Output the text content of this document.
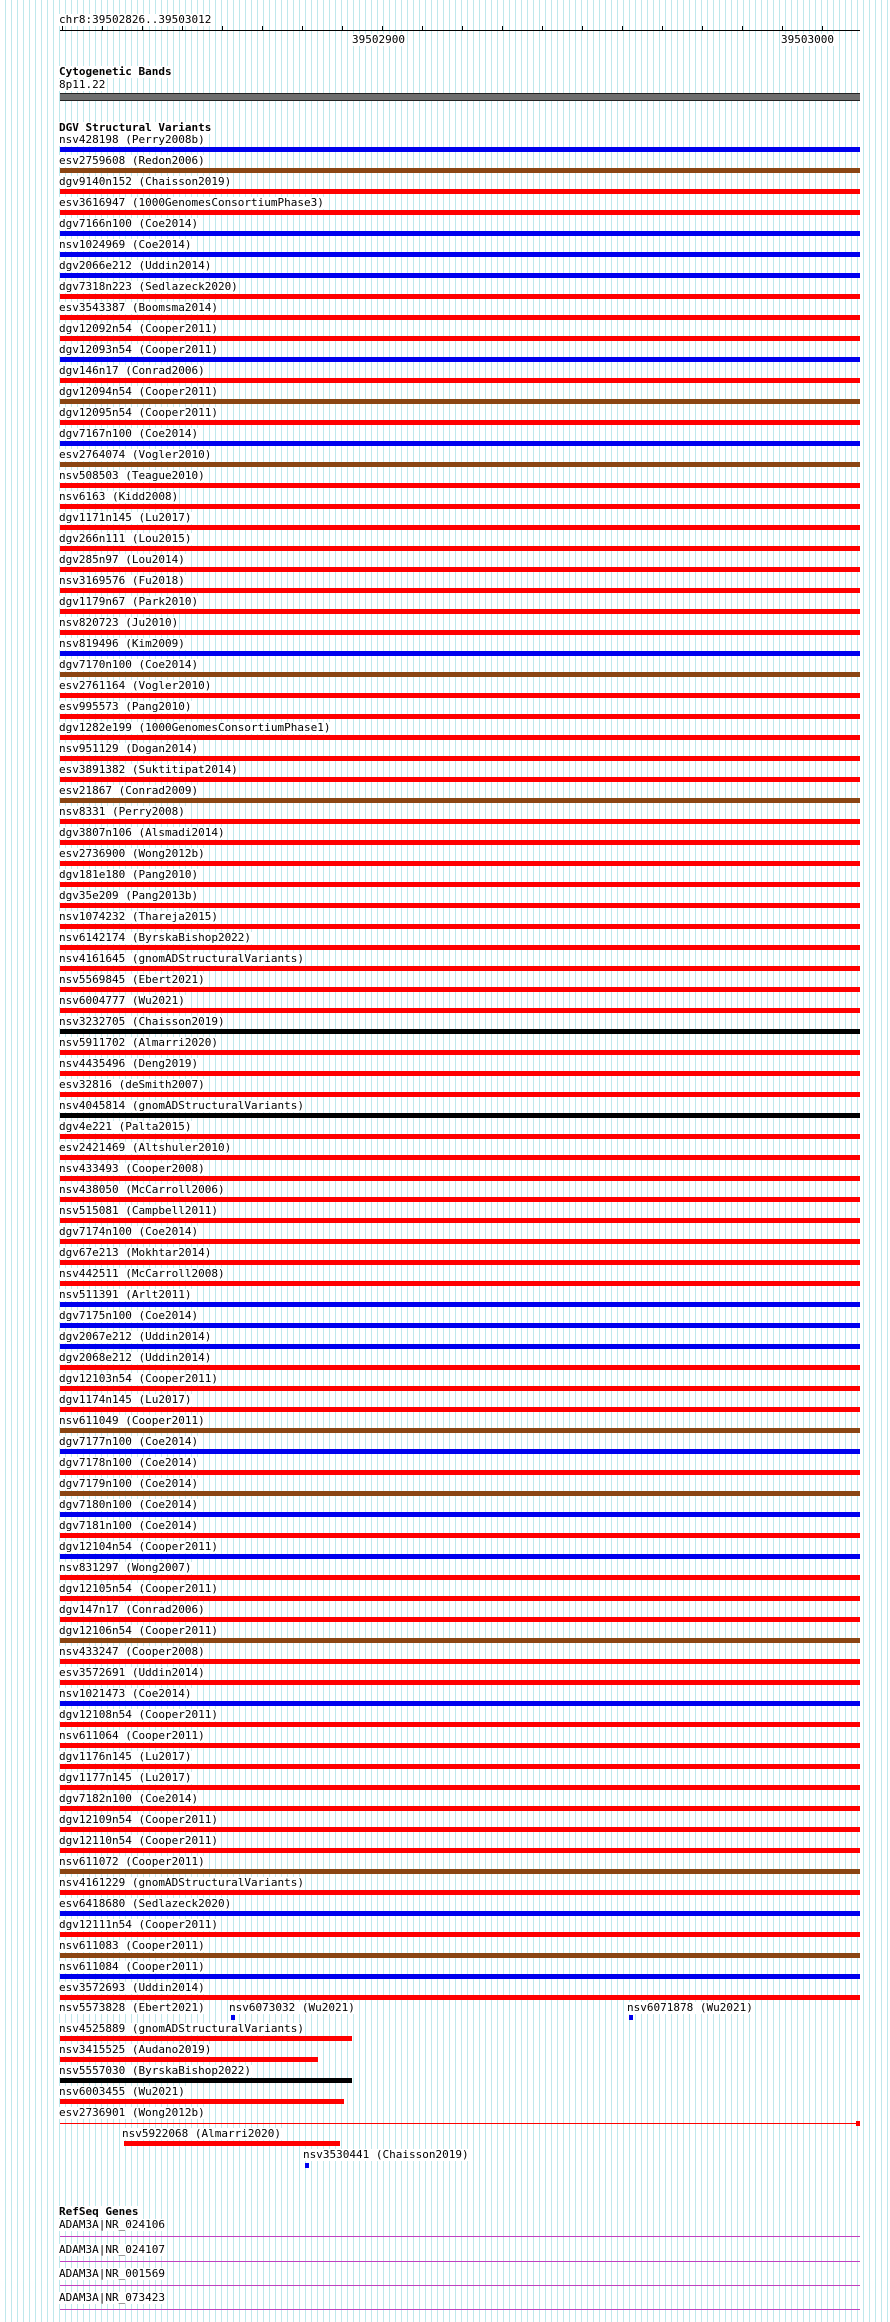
chr8:39502826..39503012
39502900	39503000
Cytogenetic Bands
8p11.22
DGV Structural Variants
nsv428198 (Perry2008b)
esv2759608 (Redon2006)
dgv9140n152 (Chaisson2019)
esv3616947 (1000GenomesConsortiumPhase3)
dgv7166n100 (Coe2014)
nsv1024969 (Coe2014)
dgv2066e212 (Uddin2014)
dgv7318n223 (Sedlazeck2020)
esv3543387 (Boomsma2014)
dgv12092n54 (Cooper2011)
dgv12093n54 (Cooper2011)
dgv146n17 (Conrad2006)
dgv12094n54 (Cooper2011)
dgv12095n54 (Cooper2011)
dgv7167n100 (Coe2014)
esv2764074 (Vogler2010)
nsv508503 (Teague2010)
nsv6163 (Kidd2008)
dgv1171n145 (Lu2017)
dgv266n111 (Lou2015)
dgv285n97 (Lou2014)
nsv3169576 (Fu2018)
dgv1179n67 (Park2010)
nsv820723 (Ju2010)
nsv819496 (Kim2009)
dgv7170n100 (Coe2014)
esv2761164 (Vogler2010)
esv995573 (Pang2010)
dgv1282e199 (1000GenomesConsortiumPhase1)
nsv951129 (Dogan2014)
esv3891382 (Suktitipat2014)
esv21867 (Conrad2009)
nsv8331 (Perry2008)
dgv3807n106 (Alsmadi2014)
esv2736900 (Wong2012b)
dgv181e180 (Pang2010)
dgv35e209 (Pang2013b)
nsv1074232 (Thareja2015)
nsv6142174 (ByrskaBishop2022)
nsv4161645 (gnomADStructuralVariants)
nsv5569845 (Ebert2021)
nsv6004777 (Wu2021)
nsv3232705 (Chaisson2019)
nsv5911702 (Almarri2020)
nsv4435496 (Deng2019)
esv32816 (deSmith2007)
nsv4045814 (gnomADStructuralVariants)
dgv4e221 (Palta2015)
esv2421469 (Altshuler2010)
nsv433493 (Cooper2008)
nsv438050 (McCarroll2006)
nsv515081 (Campbell2011)
dgv7174n100 (Coe2014)
dgv67e213 (Mokhtar2014)
nsv442511 (McCarroll2008)
nsv511391 (Arlt2011)
dgv7175n100 (Coe2014)
dgv2067e212 (Uddin2014)
dgv2068e212 (Uddin2014)
dgv12103n54 (Cooper2011)
dgv1174n145 (Lu2017)
nsv611049 (Cooper2011)
dgv7177n100 (Coe2014)
dgv7178n100 (Coe2014)
dgv7179n100 (Coe2014)
dgv7180n100 (Coe2014)
dgv7181n100 (Coe2014)
dgv12104n54 (Cooper2011)
nsv831297 (Wong2007)
dgv12105n54 (Cooper2011)
dgv147n17 (Conrad2006)
dgv12106n54 (Cooper2011)
nsv433247 (Cooper2008)
esv3572691 (Uddin2014)
nsv1021473 (Coe2014)
dgv12108n54 (Cooper2011)
nsv611064 (Cooper2011)
dgv1176n145 (Lu2017)
dgv1177n145 (Lu2017)
dgv7182n100 (Coe2014)
dgv12109n54 (Cooper2011)
dgv12110n54 (Cooper2011)
nsv611072 (Cooper2011)
nsv4161229 (gnomADStructuralVariants)
esv6418680 (Sedlazeck2020)
dgv12111n54 (Cooper2011)
nsv611083 (Cooper2011)
nsv611084 (Cooper2011)
esv3572693 (Uddin2014)
nsv5573828 (Ebert2021) nsv6073032 (Wu2021)	nsv6071878 (Wu2021)
nsv4525889 (gnomADStructuralVariants)
nsv3415525 (Audano2019)
nsv5557030 (ByrskaBishop2022)
nsv6003455 (Wu2021)
esv2736901 (Wong2012b)
nsv5922068 (Almarri2020)
nsv3530441 (Chaisson2019)
RefSeq Genes
ADAM3A|NR_024106
ADAM3A|NR_024107
ADAM3A|NR_001569
ADAM3A|NR_073423
